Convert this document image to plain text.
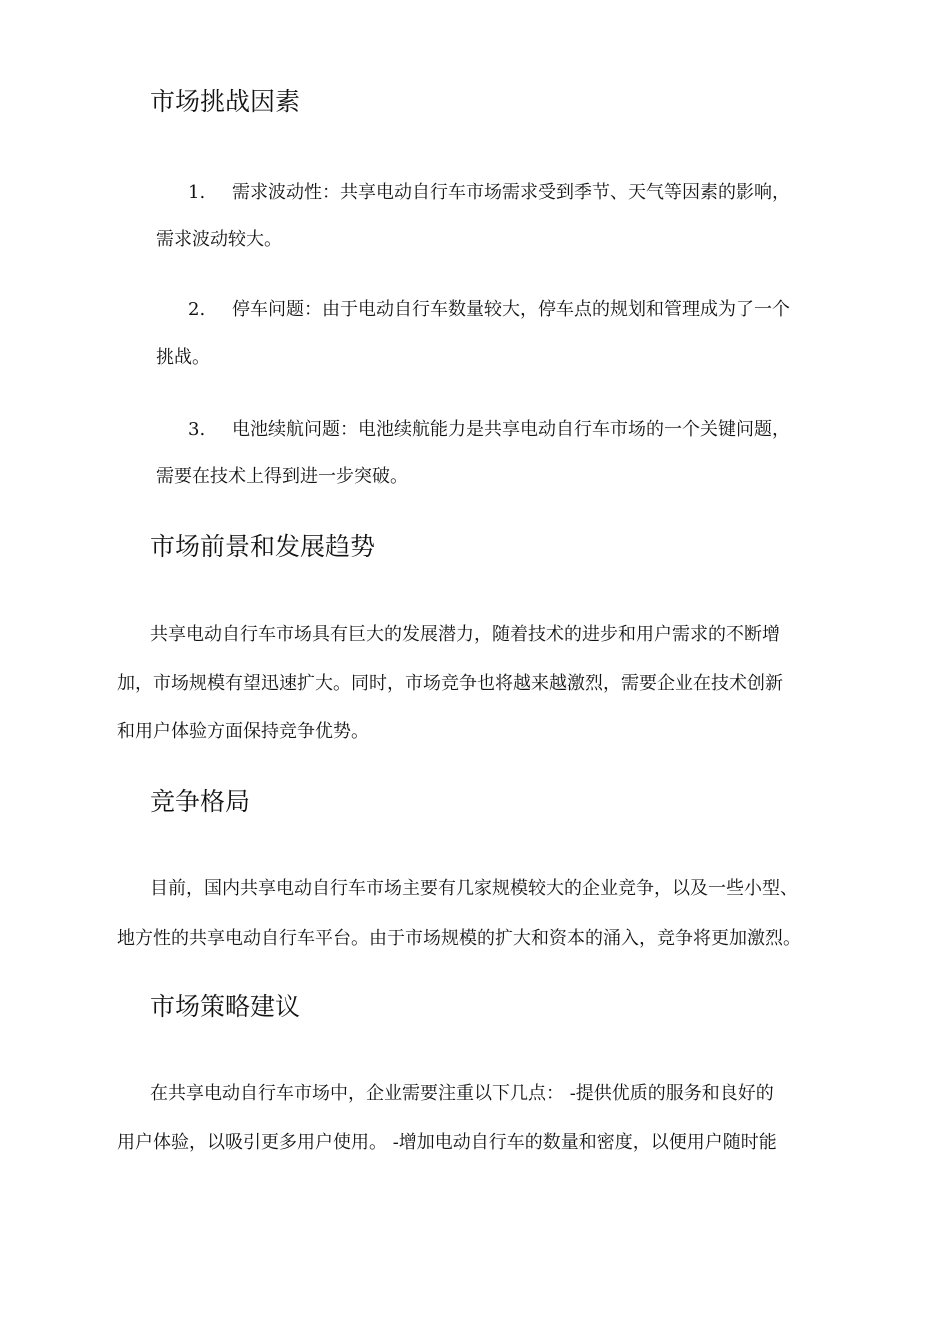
市场挑战因素
1. 需求波动性：共享电动自行车市场需求受到季节、天气等因素的影响，
需求波动较大。
2. 停车问题：由于电动自行车数量较大，停车点的规划和管理成为了一个
挑战。
3. 电池续航问题：电池续航能力是共享电动自行车市场的一个关键问题，
需要在技术上得到进一步突破。
市场前景和发展趋势
共享电动自行车市场具有巨大的发展潜力，随着技术的进步和用户需求的不断增
加，市场规模有望迅速扩大。同时，市场竞争也将越来越激烈，需要企业在技术创新
和用户体验方面保持竞争优势。
竞争格局
目前，国内共享电动自行车市场主要有几家规模较大的企业竞争，以及一些小型、
地方性的共享电动自行车平台。由于市场规模的扩大和资本的涌入，竞争将更加激烈。
市场策略建议
在共享电动自行车市场中，企业需要注重以下几点： -提供优质的服务和良好的
用户体验，以吸引更多用户使用。 -增加电动自行车的数量和密度，以便用户随时能
